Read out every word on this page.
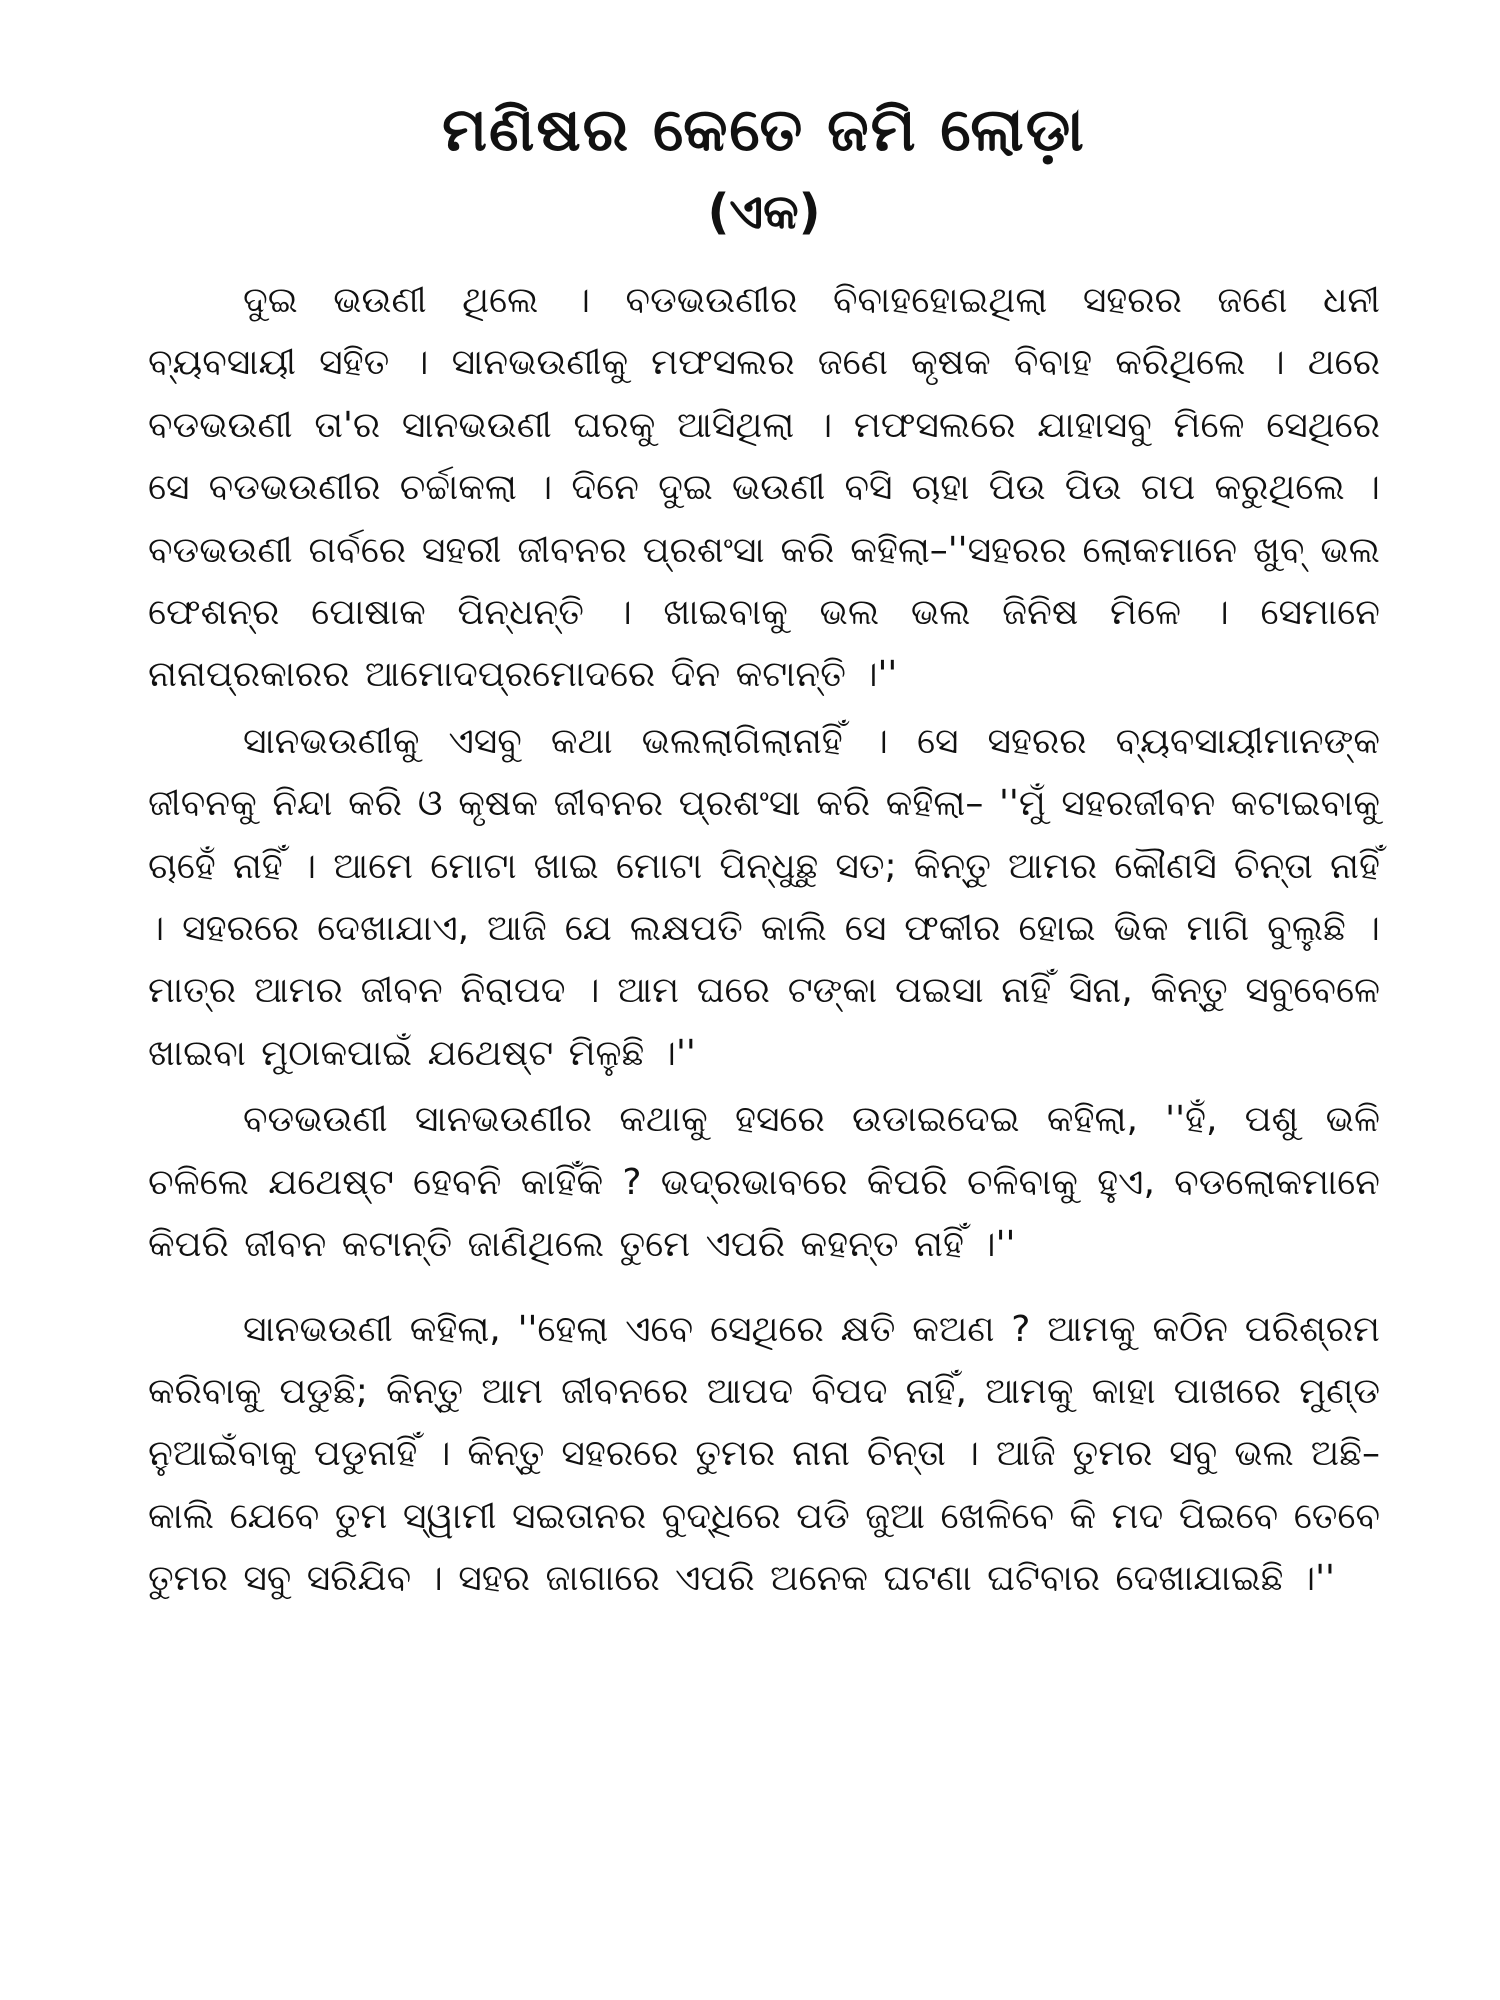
ମଣିଷର କେତେ ଜମି ଲୋଡ଼ା
(ଏକ)

ଦୁଇ ଭଉଣୀ ଥିଲେ । ବଡଭଉଣୀର ବିବାହହୋଇଥିଲା ସହରର ଜଣେ ଧନୀ ବ୍ୟବସାୟୀ ସହିତ । ସାନଭଉଣୀକୁ ମଫସଲର ଜଣେ କୃଷକ ବିବାହ କରିଥିଲେ । ଥରେ ବଡଭଉଣୀ ତା'ର ସାନଭଉଣୀ ଘରକୁ ଆସିଥିଲା । ମଫସଲରେ ଯାହାସବୁ ମିଳେ ସେଥିରେ ସେ ବଡଭଉଣୀର ଚର୍ଚ୍ଚାକଲା । ଦିନେ ଦୁଇ ଭଉଣୀ ବସି ଚାହା ପିଉ ପିଉ ଗପ କରୁଥିଲେ । ବଡଭଉଣୀ ଗର୍ବରେ ସହରୀ ଜୀବନର ପ୍ରଶଂସା କରି କହିଲା–''ସହରର ଲୋକମାନେ ଖୁବ୍ ଭଲ ଫେଶନ୍‌ର ପୋଷାକ ପିନ୍ଧନ୍ତି । ଖାଇବାକୁ ଭଲ ଭଲ ଜିନିଷ ମିଳେ । ସେମାନେ ନାନାପ୍ରକାରର ଆମୋଦପ୍ରମୋଦରେ ଦିନ କଟାନ୍ତି ।''

ସାନଭଉଣୀକୁ ଏସବୁ କଥା ଭଲଲାଗିଲାନାହିଁ । ସେ ସହରର ବ୍ୟବସାୟୀମାନଙ୍କ ଜୀବନକୁ ନିନ୍ଦା କରି ଓ କୃଷକ ଜୀବନର ପ୍ରଶଂସା କରି କହିଲା– ''ମୁଁ ସହରଜୀବନ କଟାଇବାକୁ ଚାହେଁ ନାହିଁ । ଆମେ ମୋଟା ଖାଇ ମୋଟା ପିନ୍ଧୁଛୁ ସତ; କିନ୍ତୁ ଆମର କୌଣସି ଚିନ୍ତା ନାହିଁ । ସହରରେ ଦେଖାଯାଏ, ଆଜି ଯେ ଲକ୍ଷପତି କାଲି ସେ ଫକୀର ହୋଇ ଭିକ ମାଗି ବୁଲୁଛି । ମାତ୍ର ଆମର ଜୀବନ ନିରାପଦ । ଆମ ଘରେ ଟଙ୍କା ପଇସା ନାହିଁ ସିନା, କିନ୍ତୁ ସବୁବେଳେ ଖାଇବା ମୁଠାକପାଇଁ ଯଥେଷ୍ଟ ମିଳୁଛି ।''

ବଡଭଉଣୀ ସାନଭଉଣୀର କଥାକୁ ହସରେ ଉଡାଇଦେଇ କହିଲା, ''ହଁ, ପଶୁ ଭଳି ଚଳିଲେ ଯଥେଷ୍ଟ ହେବନି କାହିଁକି ? ଭଦ୍ରଭାବରେ କିପରି ଚଳିବାକୁ ହୁଏ, ବଡଲୋକମାନେ କିପରି ଜୀବନ କଟାନ୍ତି ଜାଣିଥିଲେ ତୁମେ ଏପରି କହନ୍ତ ନାହିଁ ।''

ସାନଭଉଣୀ କହିଲା, ''ହେଲା ଏବେ ସେଥିରେ କ୍ଷତି କଅଣ ? ଆମକୁ କଠିନ ପରିଶ୍ରମ କରିବାକୁ ପଡୁଛି; କିନ୍ତୁ ଆମ ଜୀବନରେ ଆପଦ ବିପଦ ନାହିଁ, ଆମକୁ କାହା ପାଖରେ ମୁଣ୍ଡ ନୁଆଇଁବାକୁ ପଡୁନାହିଁ । କିନ୍ତୁ ସହରରେ ତୁମର ନାନା ଚିନ୍ତା । ଆଜି ତୁମର ସବୁ ଭଲ ଅଛି–କାଲି ଯେବେ ତୁମ ସ୍ୱାମୀ ସଇତାନର ବୁଦ୍ଧିରେ ପଡି ଜୁଆ ଖେଳିବେ କି ମଦ ପିଇବେ ତେବେ ତୁମର ସବୁ ସରିଯିବ । ସହର ଜାଗାରେ ଏପରି ଅନେକ ଘଟଣା ଘଟିବାର ଦେଖାଯାଇଛି ।''
